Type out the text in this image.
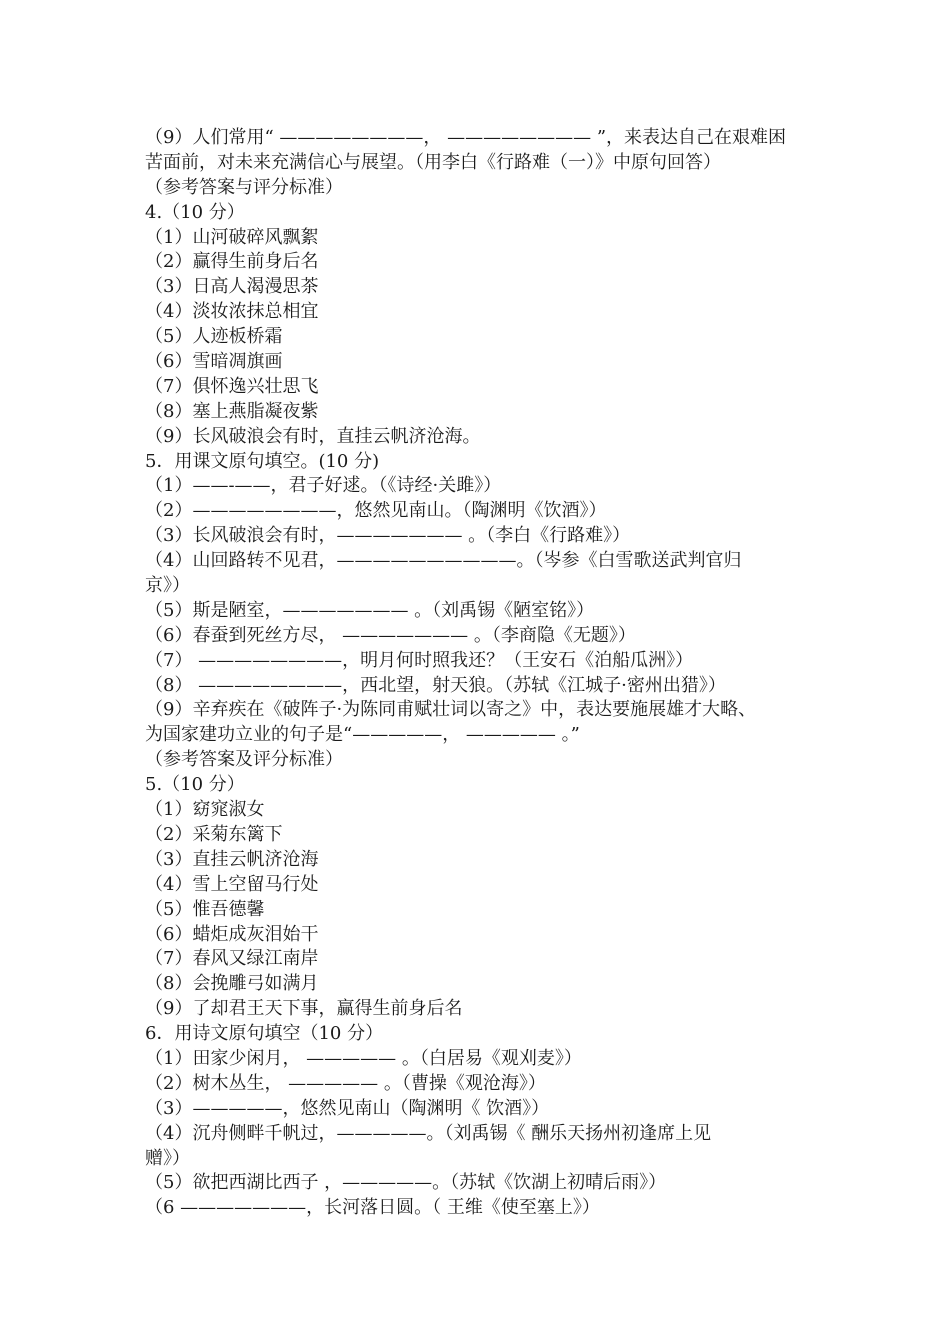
（9）人们常用“ ————————， ———————— ”，来表达自己在艰难困
苦面前，对未来充满信心与展望。（用李白《行路难（一）》中原句回答）
（参考答案与评分标准）
4.（10 分）
（1）山河破碎风飘絮
（2）赢得生前身后名
（3）日高人渴漫思茶
（4）淡妆浓抹总相宜
（5）人迹板桥霜
（6）雪暗凋旗画
（7）俱怀逸兴壮思飞
（8）塞上燕脂凝夜紫
（9）长风破浪会有时，直挂云帆济沧海。
5．用课文原句填空。(10 分)
（1）——-——，君子好逑。（《诗经·关雎》）
（2）————————，悠然见南山。（陶渊明《饮酒》）
（3）长风破浪会有时，——————— 。（李白《行路难》）
（4）山回路转不见君，——————————。（岑参《白雪歌送武判官归
京》）
（5）斯是陋室，——————— 。（刘禹锡《陋室铭》）
（6）春蚕到死丝方尽， ——————— 。（李商隐《无题》）
（7） ————————，明月何时照我还？（王安石《泊船瓜洲》）
（8） ————————，西北望，射天狼。（苏轼《江城子·密州出猎》）
（9）辛弃疾在《破阵子·为陈同甫赋壮词以寄之》中，表达要施展雄才大略、
为国家建功立业的句子是“—————， ————— 。”
（参考答案及评分标准）
5.（10 分）
（1）窈窕淑女
（2）采菊东篱下
（3）直挂云帆济沧海
（4）雪上空留马行处
（5）惟吾德馨
（6）蜡炬成灰泪始干
（7）春风又绿江南岸
（8）会挽雕弓如满月
（9）了却君王天下事，赢得生前身后名
6．用诗文原句填空（10 分）
（1）田家少闲月， ————— 。（白居易《观刈麦》）
（2）树木丛生， ————— 。（曹操《观沧海》）
（3）—————，悠然见南山（陶渊明《 饮酒》）
（4）沉舟侧畔千帆过，—————。（刘禹锡《 酬乐天扬州初逢席上见
赠》）
（5）欲把西湖比西子 ，—————。（苏轼《饮湖上初晴后雨》）
（6 ———————，长河落日圆。（ 王维《使至塞上》）
